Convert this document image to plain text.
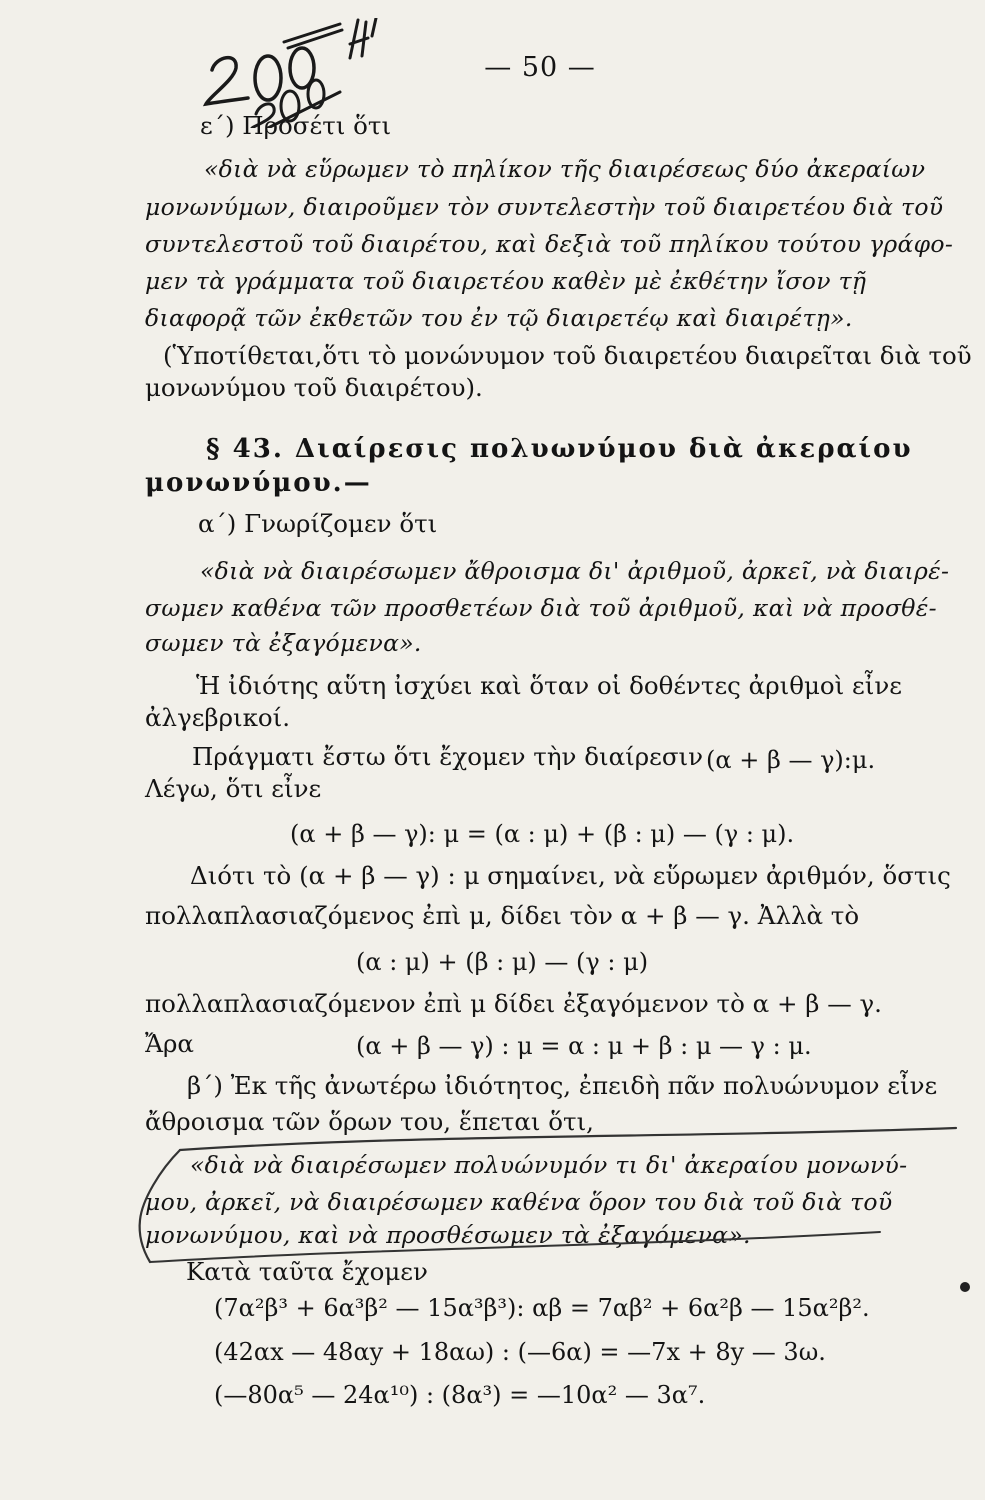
— 50 —
ε΄) Προσέτι ὅτι
«διὰ νὰ εὕρωμεν τὸ πηλίκον τῆς διαιρέσεως δύο ἀκεραίων
μονωνύμων, διαιροῦμεν τὸν συντελεστὴν τοῦ διαιρετέου διὰ τοῦ
συντελεστοῦ τοῦ διαιρέτου, καὶ δεξιὰ τοῦ πηλίκου τούτου γράφο-
μεν τὰ γράμματα τοῦ διαιρετέου καθὲν μὲ ἐκθέτην ἴσον τῇ
διαφορᾷ τῶν ἐκθετῶν του ἐν τῷ διαιρετέῳ καὶ διαιρέτῃ».
(Ὑποτίθεται,ὅτι τὸ μονώνυμον τοῦ διαιρετέου διαιρεῖται διὰ τοῦ
μονωνύμου τοῦ διαιρέτου).
§ 43. Διαίρεσις πολυωνύμου διὰ ἀκεραίου
μονωνύμου.—
α΄) Γνωρίζομεν ὅτι
«διὰ νὰ διαιρέσωμεν ἄθροισμα δι' ἀριθμοῦ, ἀρκεῖ, νὰ διαιρέ-
σωμεν καθένα τῶν προσθετέων διὰ τοῦ ἀριθμοῦ, καὶ νὰ προσθέ-
σωμεν τὰ ἐξαγόμενα».
Ἡ ἰδιότης αὕτη ἰσχύει καὶ ὅταν οἱ δοθέντες ἀριθμοὶ εἶνε
ἀλγεβρικοί.
Πράγματι ἔστω ὅτι ἔχομεν τὴν διαίρεσιν (α + β — γ):μ.
Λέγω, ὅτι εἶνε
(α + β — γ): μ = (α : μ) + (β : μ) — (γ : μ).
Διότι τὸ (α + β — γ) : μ σημαίνει, νὰ εὕρωμεν ἀριθμόν, ὅστις
πολλαπλασιαζόμενος ἐπὶ μ, δίδει τὸν α + β — γ. Ἀλλὰ τὸ
(α : μ) + (β : μ) — (γ : μ)
πολλαπλασιαζόμενον ἐπὶ μ δίδει ἐξαγόμενον τὸ α + β — γ.
Ἄρα	(α + β — γ) : μ = α : μ + β : μ — γ : μ.
β΄) Ἐκ τῆς ἀνωτέρω ἰδιότητος, ἐπειδὴ πᾶν πολυώνυμον εἶνε
ἄθροισμα τῶν ὅρων του, ἕπεται ὅτι,
«διὰ νὰ διαιρέσωμεν πολυώνυμόν τι δι' ἀκεραίου μονωνύ-
μου, ἀρκεῖ, νὰ διαιρέσωμεν καθένα ὅρον του διὰ τοῦ διὰ τοῦ
μονωνύμου, καὶ νὰ προσθέσωμεν τὰ ἐξαγόμενα».
Κατὰ ταῦτα ἔχομεν
(7α²β³ + 6α³β² — 15α³β³): αβ = 7αβ² + 6α²β — 15α²β².
(42αx — 48αy + 18αω) : (—6α) = —7x + 8y — 3ω.
(—80α⁵ — 24α¹⁰) : (8α³) = —10α² — 3α⁷.
